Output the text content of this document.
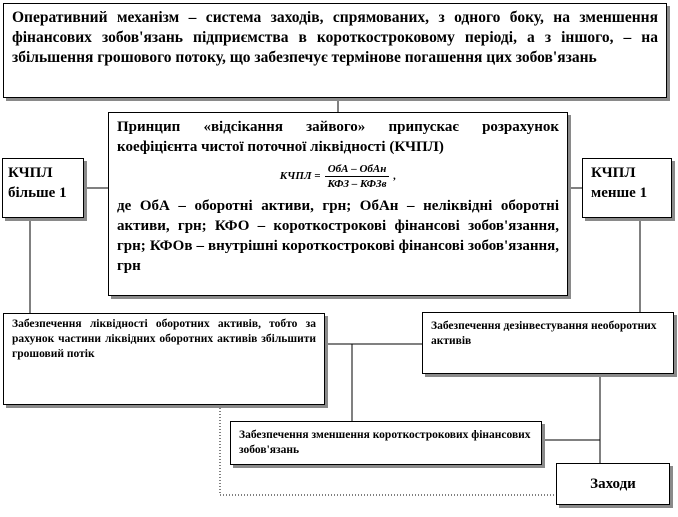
Оперативний механізм – система заходів, спрямованих, з одного боку, на зменшення фінансових зобов'язань підприємства в короткостроковому періоді, а з іншого, – на збільшення грошового потоку, що забезпечує термінове погашення цих зобов'язань
Принцип «відсікання зайвого» припускає розрахунок коефіцієнта чистої поточної ліквідності (КЧПЛ)
КЧПЛ = $\frac{\text{ОбА – ОбАн}}{\text{КФЗ – КФЗв}}$ ,
де ОбА – оборотні активи, грн; ОбАн – неліквідні оборотні активи, грн; КФО – короткострокові фінансові зобов'язання, грн; КФОв – внутрішні короткострокові фінансові зобов'язання, грн
КЧПЛ більше 1
КЧПЛ менше 1
Забезпечення ліквідності оборотних активів, тобто за рахунок частини ліквідних оборотних активів збільшити грошовий потік
Забезпечення дезінвестування необоротних активів
Забезпечення зменшення короткострокових фінансових зобов'язань
Заходи
